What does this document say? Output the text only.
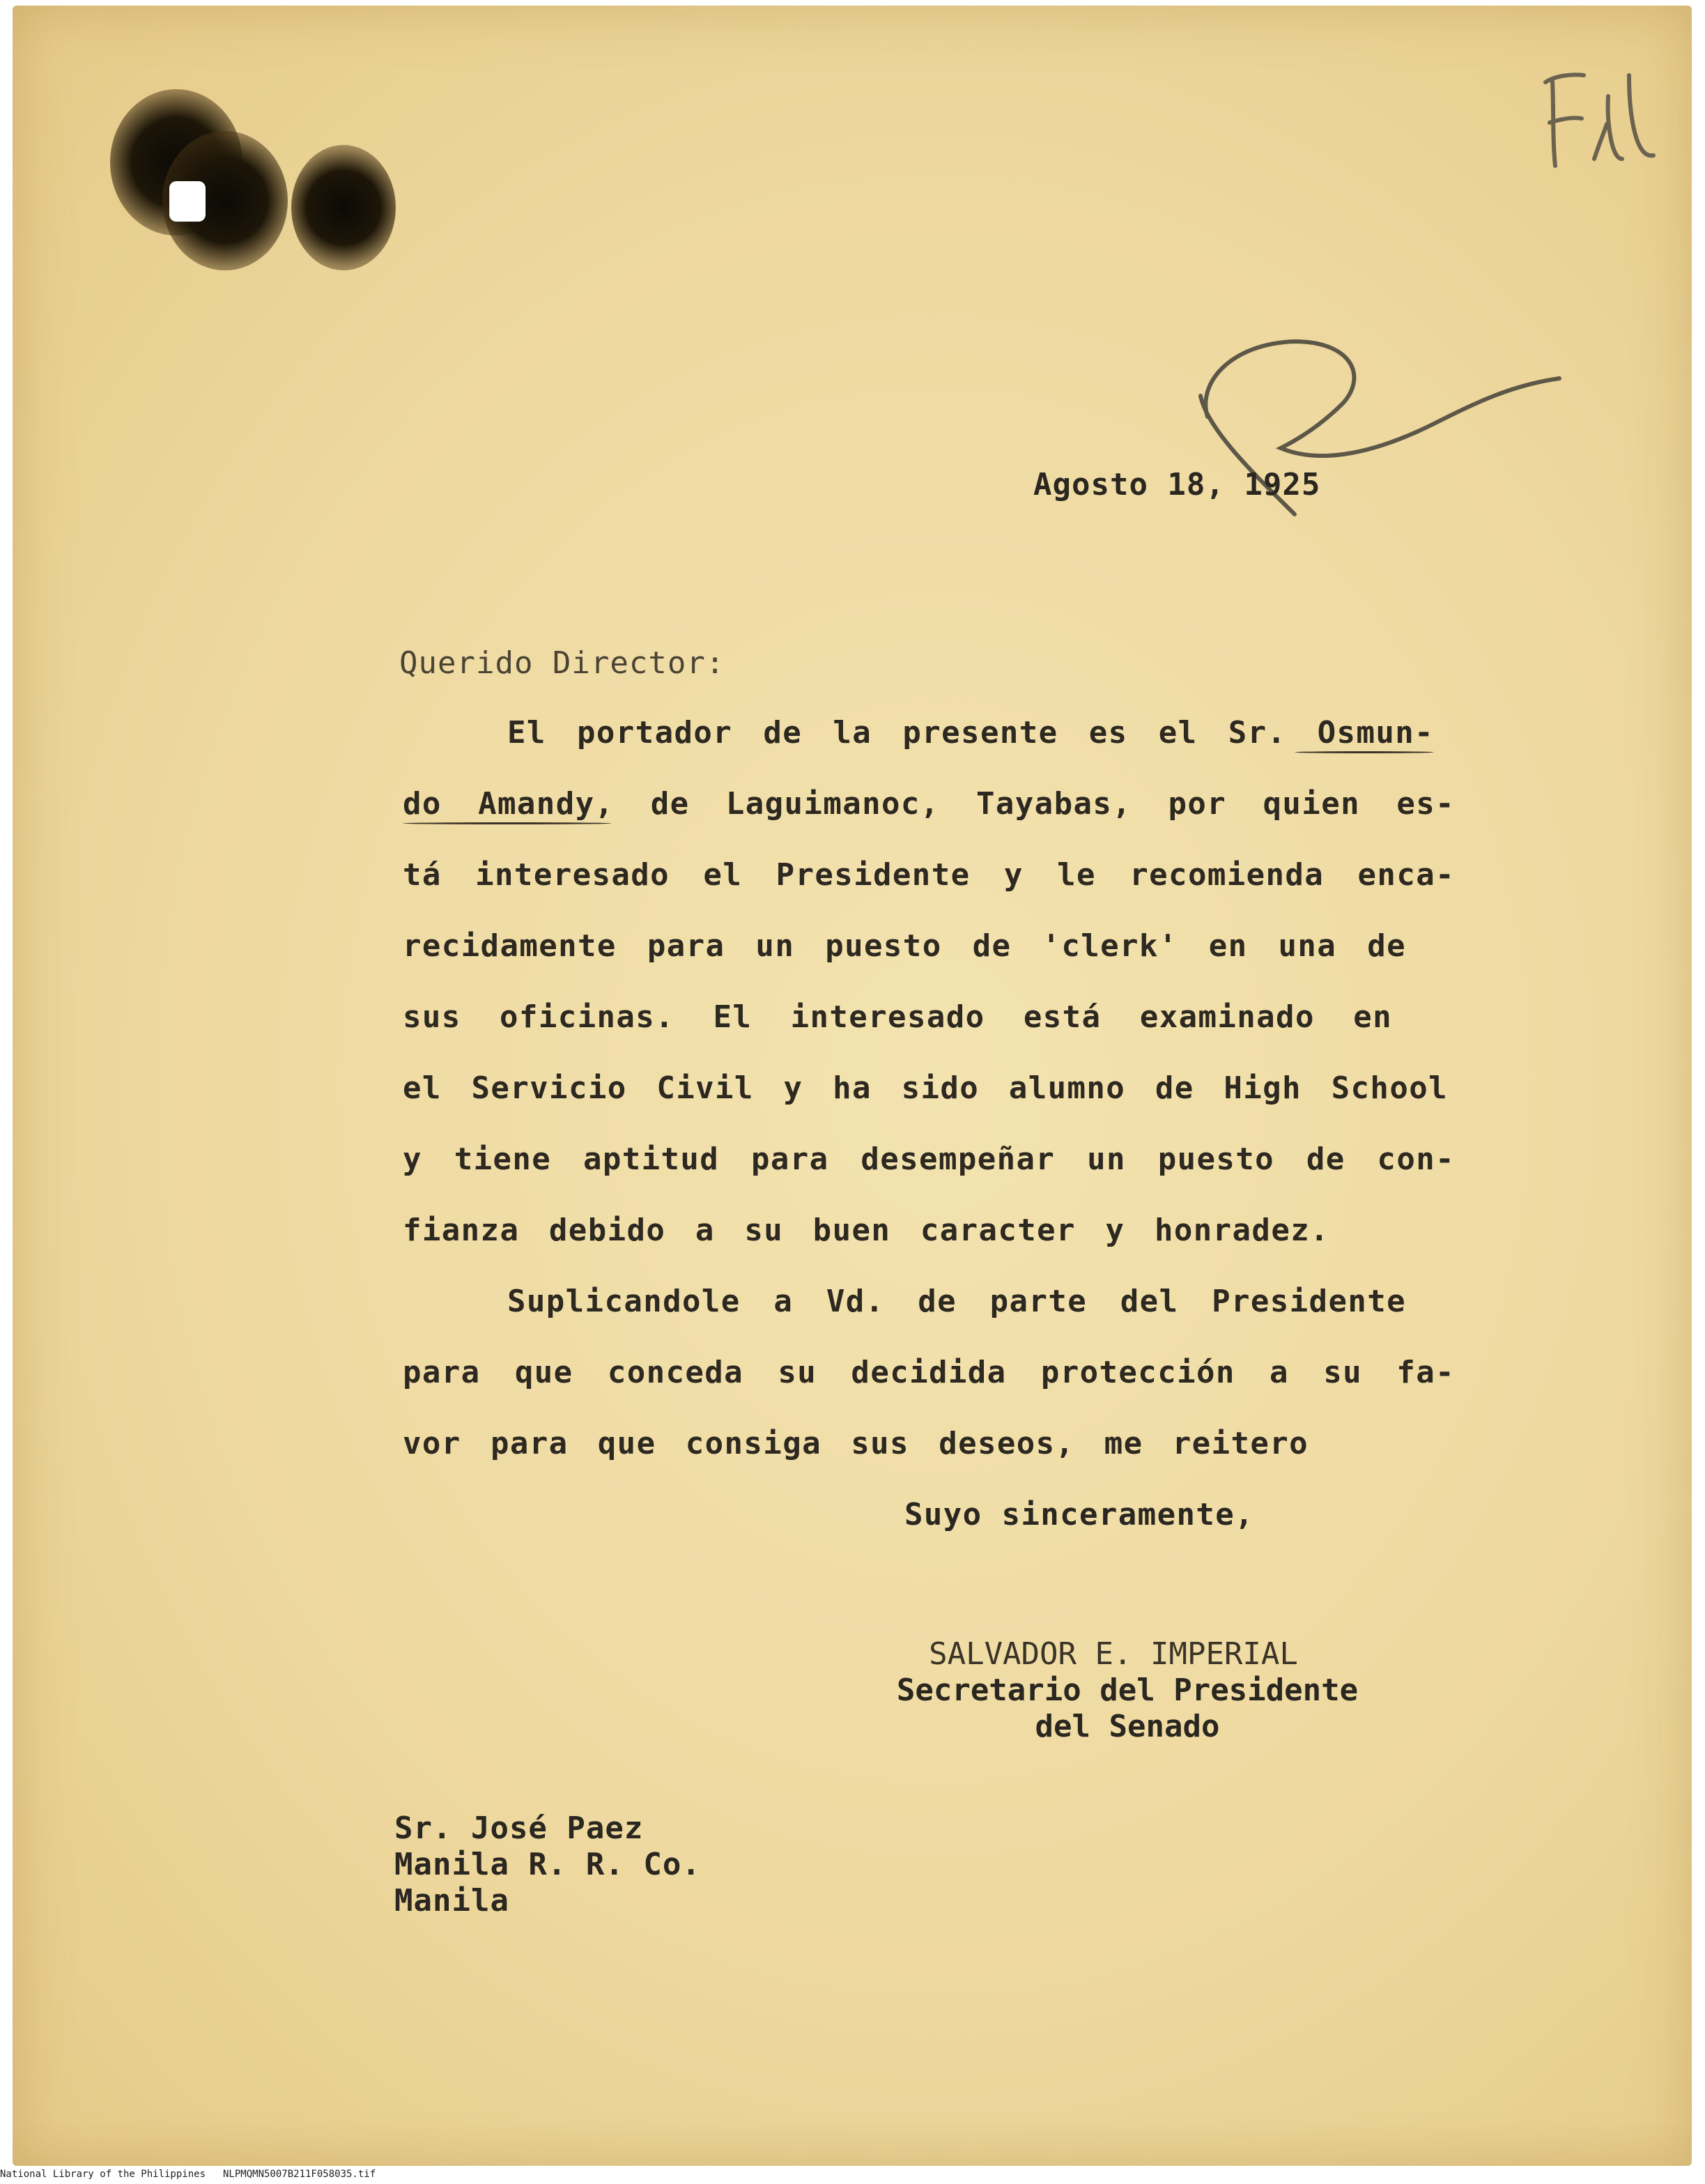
Agosto 18, 1925
Querido Director:
El portador de la presente es el Sr. Osmun-
do Amandy, de Laguimanoc, Tayabas, por quien es-
tá interesado el Presidente y le recomienda enca-
recidamente para un puesto de 'clerk' en una de
sus oficinas. El interesado está examinado en
el Servicio Civil y ha sido alumno de High School
y tiene aptitud para desempeñar un puesto de con-
fianza debido a su buen caracter y honradez.
Suplicandole a Vd. de parte del Presidente
para que conceda su decidida protección a su fa-
vor para que consiga sus deseos, me reitero
Suyo sinceramente,
SALVADOR E. IMPERIAL
Secretario del Presidente
del Senado
Sr. José Paez
Manila R. R. Co.
Manila
National Library of the Philippines NLPMQMN5007B211F058035.tif
